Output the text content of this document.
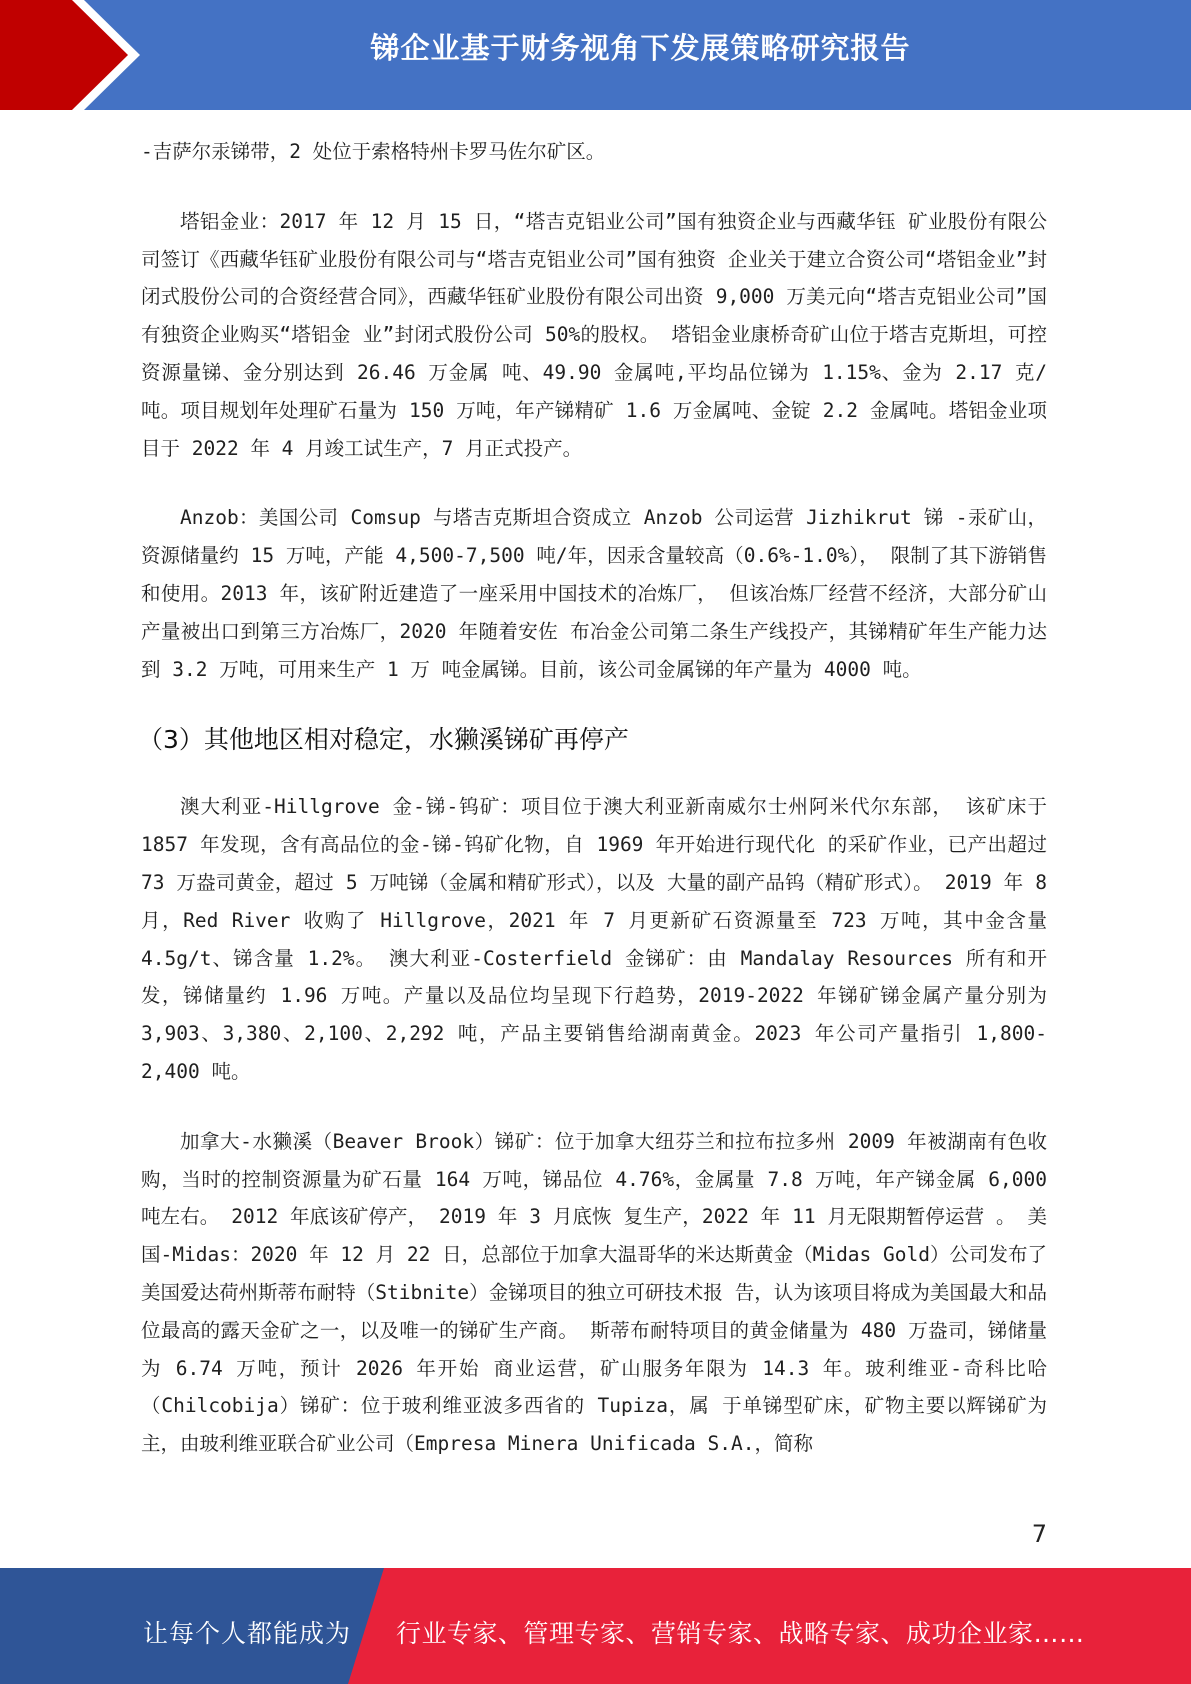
锑企业基于财务视角下发展策略研究报告

-吉萨尔汞锑带，2 处位于索格特州卡罗马佐尔矿区。

塔铝金业：2017 年 12 月 15 日，“塔吉克铝业公司”国有独资企业与西藏华钰 矿业股份有限公司签订《西藏华钰矿业股份有限公司与“塔吉克铝业公司”国有独资 企业关于建立合资公司“塔铝金业”封闭式股份公司的合资经营合同》，西藏华钰矿业股份有限公司出资 9,000 万美元向“塔吉克铝业公司”国有独资企业购买“塔铝金 业”封闭式股份公司 50%的股权。 塔铝金业康桥奇矿山位于塔吉克斯坦，可控资源量锑、金分别达到 26.46 万金属 吨、49.90 金属吨,平均品位锑为 1.15%、金为 2.17 克/吨。项目规划年处理矿石量为 150 万吨，年产锑精矿 1.6 万金属吨、金锭 2.2 金属吨。塔铝金业项目于 2022 年 4 月竣工试生产，7 月正式投产。

Anzob：美国公司 Comsup 与塔吉克斯坦合资成立 Anzob 公司运营 Jizhikrut 锑 -汞矿山，资源储量约 15 万吨，产能 4,500-7,500 吨/年，因汞含量较高（0.6%-1.0%）， 限制了其下游销售和使用。2013 年，该矿附近建造了一座采用中国技术的冶炼厂， 但该冶炼厂经营不经济，大部分矿山产量被出口到第三方冶炼厂，2020 年随着安佐 布冶金公司第二条生产线投产，其锑精矿年生产能力达到 3.2 万吨，可用来生产 1 万 吨金属锑。目前，该公司金属锑的年产量为 4000 吨。

（3）其他地区相对稳定，水獭溪锑矿再停产

澳大利亚-Hillgrove 金-锑-钨矿：项目位于澳大利亚新南威尔士州阿米代尔东部， 该矿床于 1857 年发现，含有高品位的金-锑-钨矿化物，自 1969 年开始进行现代化 的采矿作业，已产出超过 73 万盎司黄金，超过 5 万吨锑（金属和精矿形式），以及 大量的副产品钨（精矿形式）。 2019 年 8 月，Red River 收购了 Hillgrove，2021 年 7 月更新矿石资源量至 723 万吨，其中金含量 4.5g/t、锑含量 1.2%。 澳大利亚-Costerfield 金锑矿：由 Mandalay Resources 所有和开发，锑储量约 1.96 万吨。产量以及品位均呈现下行趋势，2019-2022 年锑矿锑金属产量分别为 3,903、3,380、2,100、2,292 吨，产品主要销售给湖南黄金。2023 年公司产量指引 1,800-2,400 吨。

加拿大-水獭溪（Beaver Brook）锑矿：位于加拿大纽芬兰和拉布拉多州 2009 年被湖南有色收购，当时的控制资源量为矿石量 164 万吨，锑品位 4.76%，金属量 7.8 万吨，年产锑金属 6,000 吨左右。 2012 年底该矿停产， 2019 年 3 月底恢 复生产，2022 年 11 月无限期暂停运营 。 美国-Midas：2020 年 12 月 22 日，总部位于加拿大温哥华的米达斯黄金（Midas Gold）公司发布了美国爱达荷州斯蒂布耐特（Stibnite）金锑项目的独立可研技术报 告，认为该项目将成为美国最大和品位最高的露天金矿之一，以及唯一的锑矿生产商。 斯蒂布耐特项目的黄金储量为 480 万盎司，锑储量为 6.74 万吨，预计 2026 年开始 商业运营，矿山服务年限为 14.3 年。玻利维亚-奇科比哈（Chilcobija）锑矿：位于玻利维亚波多西省的 Tupiza，属 于单锑型矿床，矿物主要以辉锑矿为主，由玻利维亚联合矿业公司（Empresa Minera Unificada S.A.，简称

7
让每个人都能成为 行业专家、管理专家、营销专家、战略专家、成功企业家……
